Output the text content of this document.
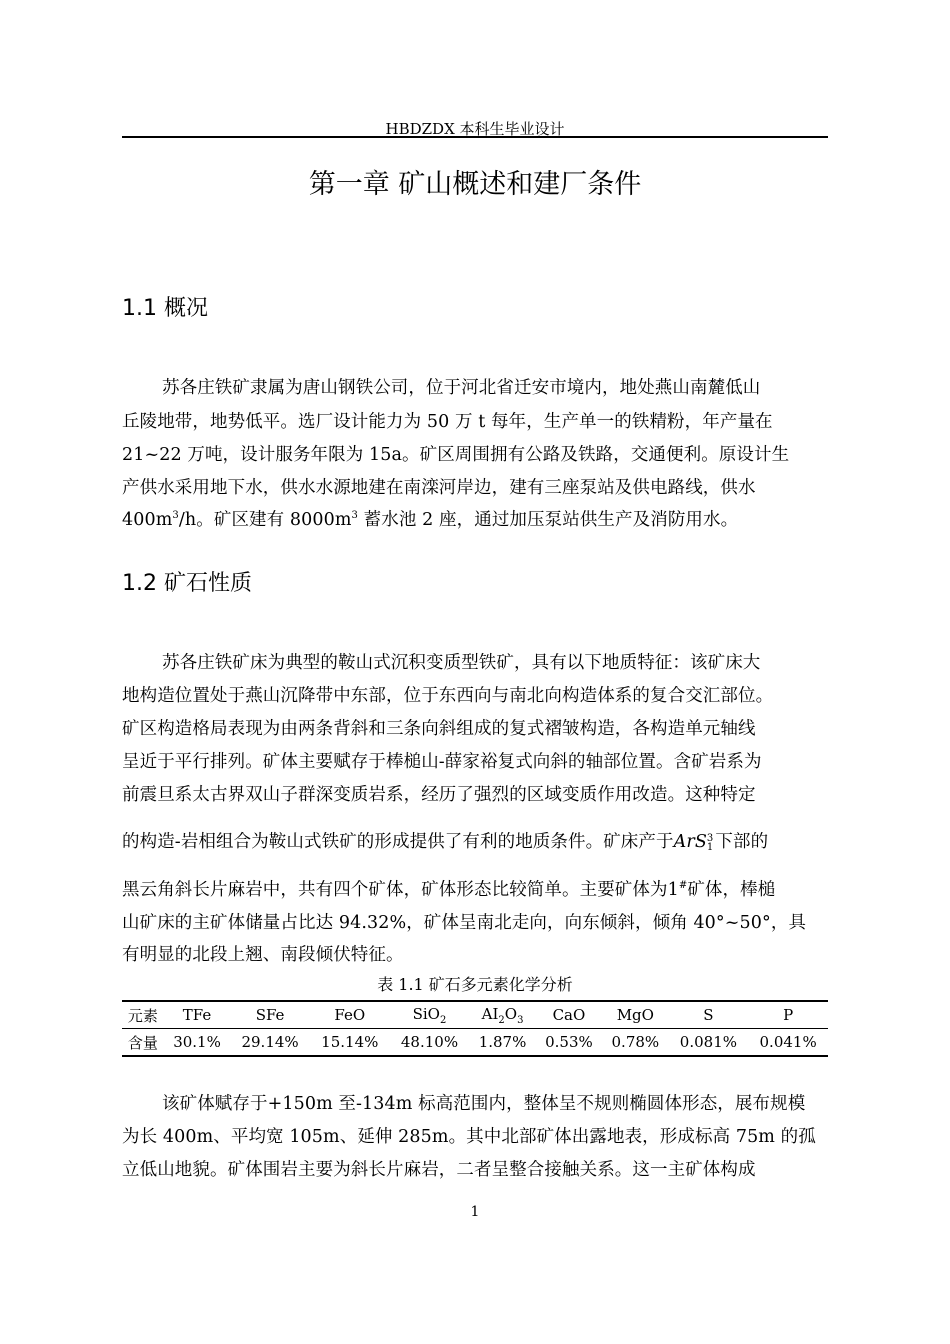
HBDZDX 本科生毕业设计
第一章 矿山概述和建厂条件
1.1 概况
苏各庄铁矿隶属为唐山钢铁公司，位于河北省迁安市境内，地处燕山南麓低山
丘陵地带，地势低平。选厂设计能力为 50 万 t 每年，生产单一的铁精粉，年产量在
21~22 万吨，设计服务年限为 15a。矿区周围拥有公路及铁路，交通便利。原设计生
产供水采用地下水，供水水源地建在南滦河岸边，建有三座泵站及供电路线，供水
$400m^3/h$。矿区建有 $8000m^3$ 蓄水池 2 座，通过加压泵站供生产及消防用水。
1.2 矿石性质
苏各庄铁矿床为典型的鞍山式沉积变质型铁矿，具有以下地质特征：该矿床大
地构造位置处于燕山沉降带中东部，位于东西向与南北向构造体系的复合交汇部位。
矿区构造格局表现为由两条背斜和三条向斜组成的复式褶皱构造，各构造单元轴线
呈近于平行排列。矿体主要赋存于棒槌山-薛家裕复式向斜的轴部位置。含矿岩系为
前震旦系太古界双山子群深变质岩系，经历了强烈的区域变质作用改造。这种特定
的构造-岩相组合为鞍山式铁矿的形成提供了有利的地质条件。矿床产于ArS 3
1 下部的
黑云角斜长片麻岩中，共有四个矿体，矿体形态比较简单。主要矿体为1#矿体，棒槌
山矿床的主矿体储量占比达 94.32%，矿体呈南北走向，向东倾斜，倾角 40°~50°，具
有明显的北段上翘、南段倾伏特征。
表 1.1 矿石多元素化学分析
元素	TFe	SFe	FeO	SiO$_2$	$AI_2O_3$	CaO	MgO	S	P
含量	30.1%	29.14%	15.14%	48.10%	1.87%	0.53%	0.78%	0.081%	0.041%
该矿体赋存于+150m 至-134m 标高范围内，整体呈不规则椭圆体形态，展布规模
为长 400m、平均宽 105m、延伸 285m。其中北部矿体出露地表，形成标高 75m 的孤
立低山地貌。矿体围岩主要为斜长片麻岩，二者呈整合接触关系。这一主矿体构成
1
